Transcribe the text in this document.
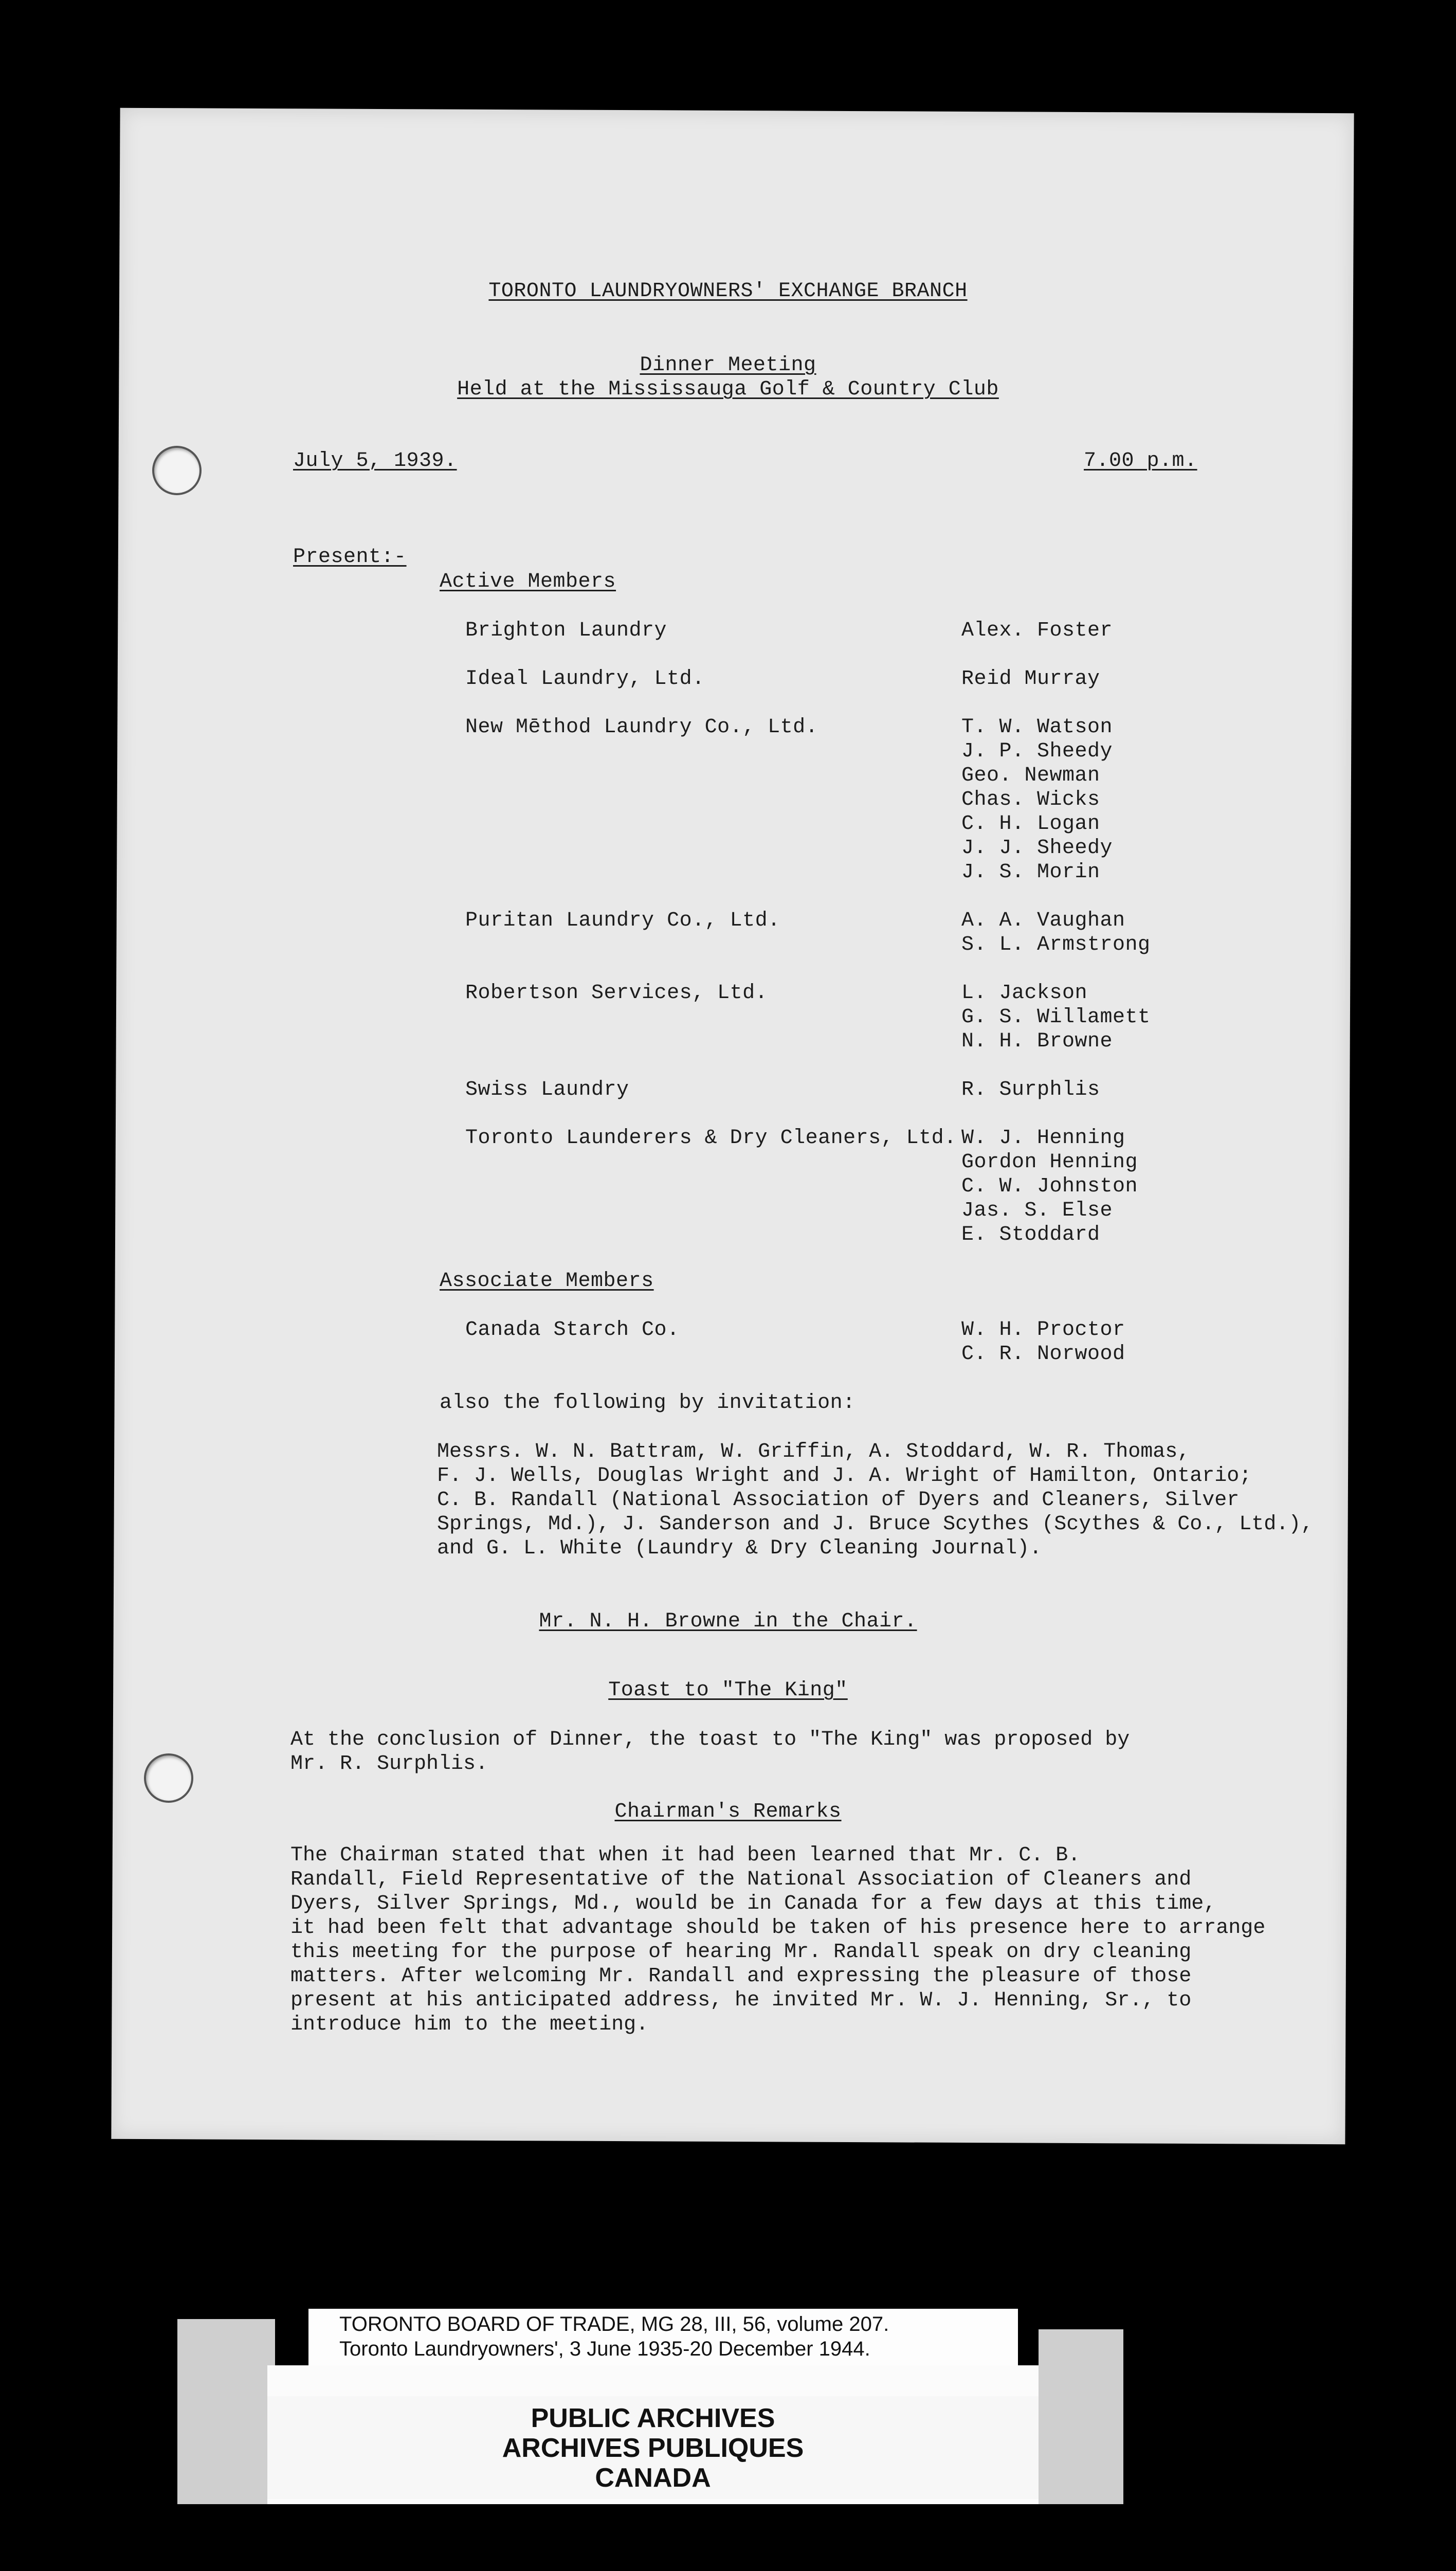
TORONTO LAUNDRYOWNERS' EXCHANGE BRANCH
Dinner Meeting
Held at the Mississauga Golf & Country Club
July 5, 1939.	7.00 p.m.
Present:-
Active Members
Brighton Laundry	Alex. Foster
Ideal Laundry, Ltd.	Reid Murray
New Mēthod Laundry Co., Ltd.	T. W. Watson
J. P. Sheedy
Geo. Newman
Chas. Wicks
C. H. Logan
J. J. Sheedy
J. S. Morin
Puritan Laundry Co., Ltd.	A. A. Vaughan
S. L. Armstrong
Robertson Services, Ltd.	L. Jackson
G. S. Willamett
N. H. Browne
Swiss Laundry	R. Surphlis
Toronto Launderers & Dry Cleaners, Ltd. W. J. Henning
Gordon Henning
C. W. Johnston
Jas. S. Else
E. Stoddard
Associate Members
Canada Starch Co.	W. H. Proctor
C. R. Norwood
also the following by invitation:
Messrs. W. N. Battram, W. Griffin, A. Stoddard, W. R. Thomas,
F. J. Wells, Douglas Wright and J. A. Wright of Hamilton, Ontario;
C. B. Randall (National Association of Dyers and Cleaners, Silver
Springs, Md.), J. Sanderson and J. Bruce Scythes (Scythes & Co., Ltd.),
and G. L. White (Laundry & Dry Cleaning Journal).
Mr. N. H. Browne in the Chair.
Toast to "The King"
At the conclusion of Dinner, the toast to "The King" was proposed by
Mr. R. Surphlis.
Chairman's Remarks
The Chairman stated that when it had been learned that Mr. C. B.
Randall, Field Representative of the National Association of Cleaners and
Dyers, Silver Springs, Md., would be in Canada for a few days at this time,
it had been felt that advantage should be taken of his presence here to arrange
this meeting for the purpose of hearing Mr. Randall speak on dry cleaning
matters. After welcoming Mr. Randall and expressing the pleasure of those
present at his anticipated address, he invited Mr. W. J. Henning, Sr., to
introduce him to the meeting.
TORONTO BOARD OF TRADE, MG 28, III, 56, volume 207.
Toronto Laundryowners', 3 June 1935-20 December 1944.
PUBLIC ARCHIVES
ARCHIVES PUBLIQUES
CANADA
